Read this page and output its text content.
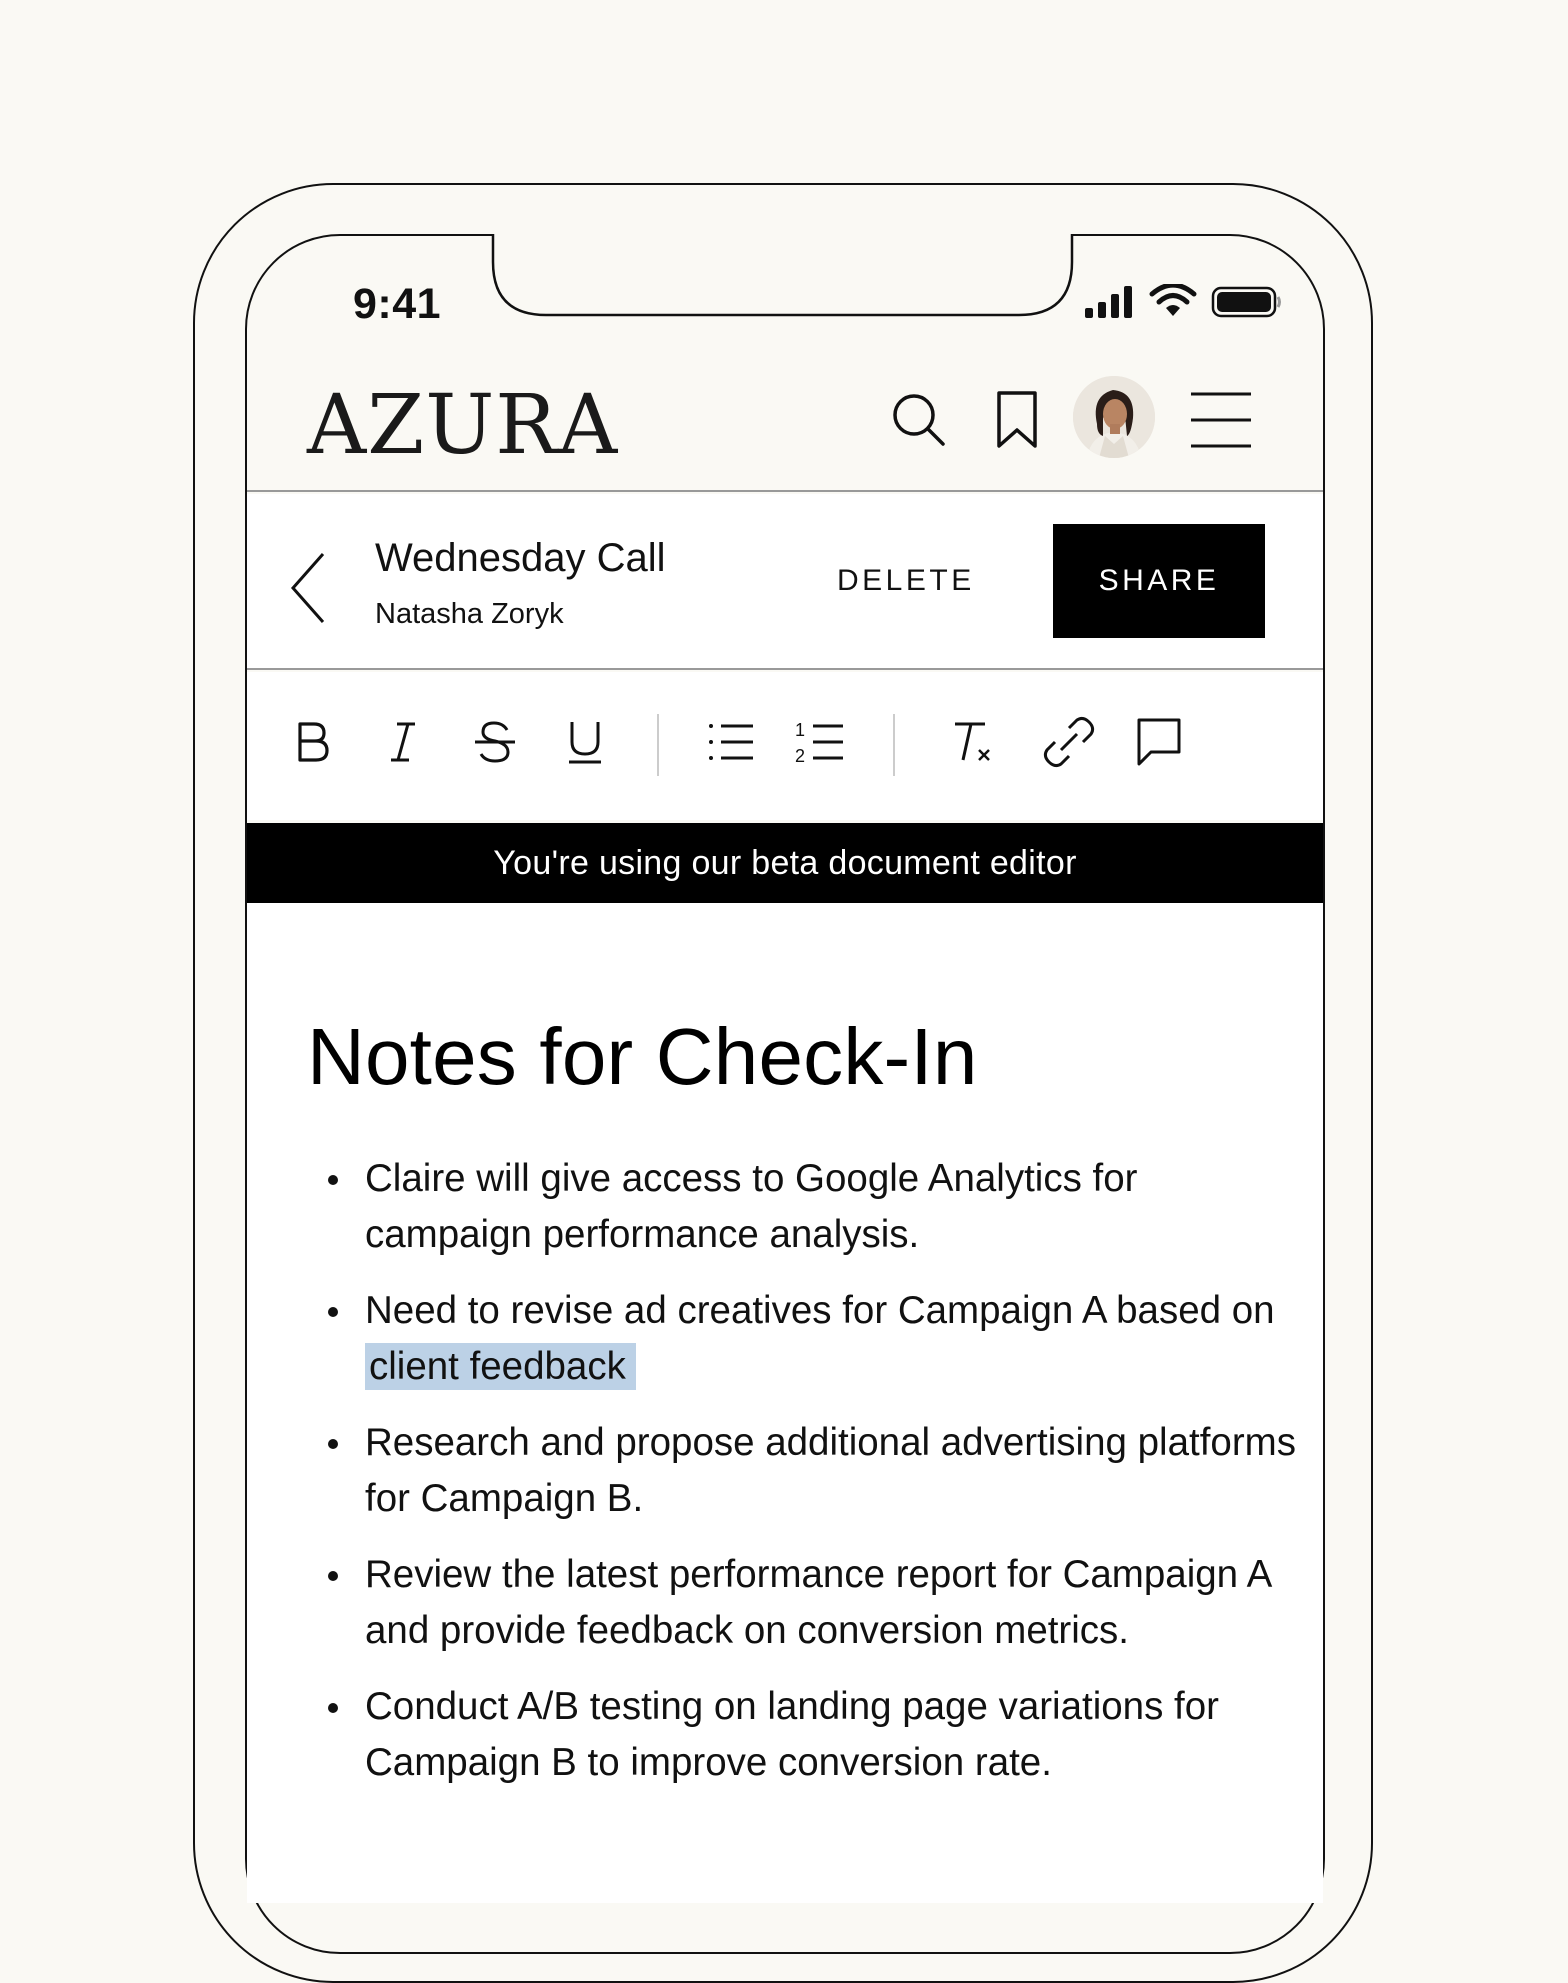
9:41
AZURA
Wednesday Call
Natasha Zoryk
DELETE	SHARE
1
2
You're using our beta document editor
Notes for Check-In
Claire will give access to Google Analytics for campaign performance analysis.
Need to revise ad creatives for Campaign A based on client feedback
Research and propose additional advertising platforms for Campaign B.
Review the latest performance report for Campaign A and provide feedback on conversion metrics.
Conduct A/B testing on landing page variations for Campaign B to improve conversion rate.
